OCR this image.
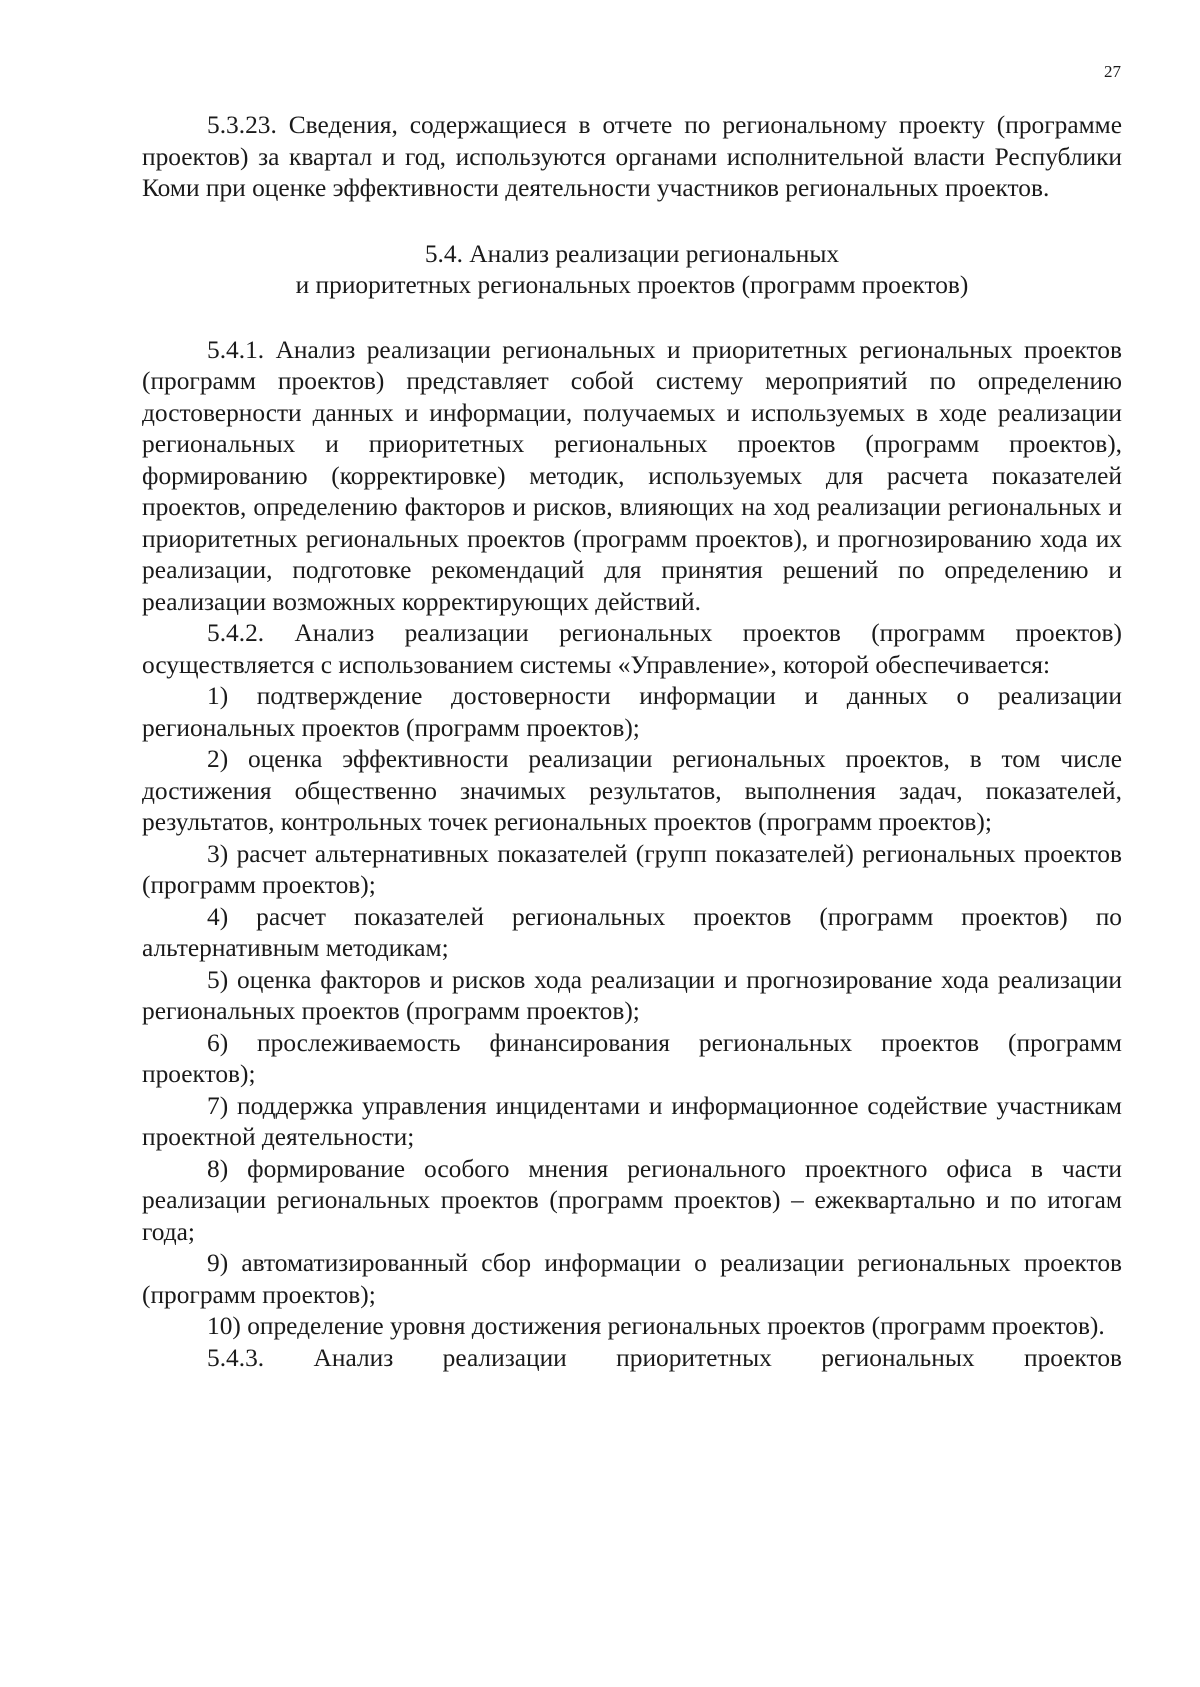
27

5.3.23. Сведения, содержащиеся в отчете по региональному проекту (программе проектов) за квартал и год, используются органами исполнительной власти Республики Коми при оценке эффективности деятельности участников региональных проектов.

5.4. Анализ реализации региональных
и приоритетных региональных проектов (программ проектов)

5.4.1. Анализ реализации региональных и приоритетных региональных проектов (программ проектов) представляет собой систему мероприятий по определению достоверности данных и информации, получаемых и используемых в ходе реализации региональных и приоритетных региональных проектов (программ проектов), формированию (корректировке) методик, используемых для расчета показателей проектов, определению факторов и рисков, влияющих на ход реализации региональных и приоритетных региональных проектов (программ проектов), и прогнозированию хода их реализации, подготовке рекомендаций для принятия решений по определению и реализации возможных корректирующих действий.

5.4.2. Анализ реализации региональных проектов (программ проектов) осуществляется с использованием системы «Управление», которой обеспечивается:

1) подтверждение достоверности информации и данных о реализации региональных проектов (программ проектов);

2) оценка эффективности реализации региональных проектов, в том числе достижения общественно значимых результатов, выполнения задач, показателей, результатов, контрольных точек региональных проектов (программ проектов);

3) расчет альтернативных показателей (групп показателей) региональных проектов (программ проектов);

4) расчет показателей региональных проектов (программ проектов) по альтернативным методикам;

5) оценка факторов и рисков хода реализации и прогнозирование хода реализации региональных проектов (программ проектов);

6) прослеживаемость финансирования региональных проектов (программ проектов);

7) поддержка управления инцидентами и информационное содействие участникам проектной деятельности;

8) формирование особого мнения регионального проектного офиса в части реализации региональных проектов (программ проектов) – ежеквартально и по итогам года;

9) автоматизированный сбор информации о реализации региональных проектов (программ проектов);

10) определение уровня достижения региональных проектов (программ проектов).

5.4.3. Анализ реализации приоритетных региональных проектов
